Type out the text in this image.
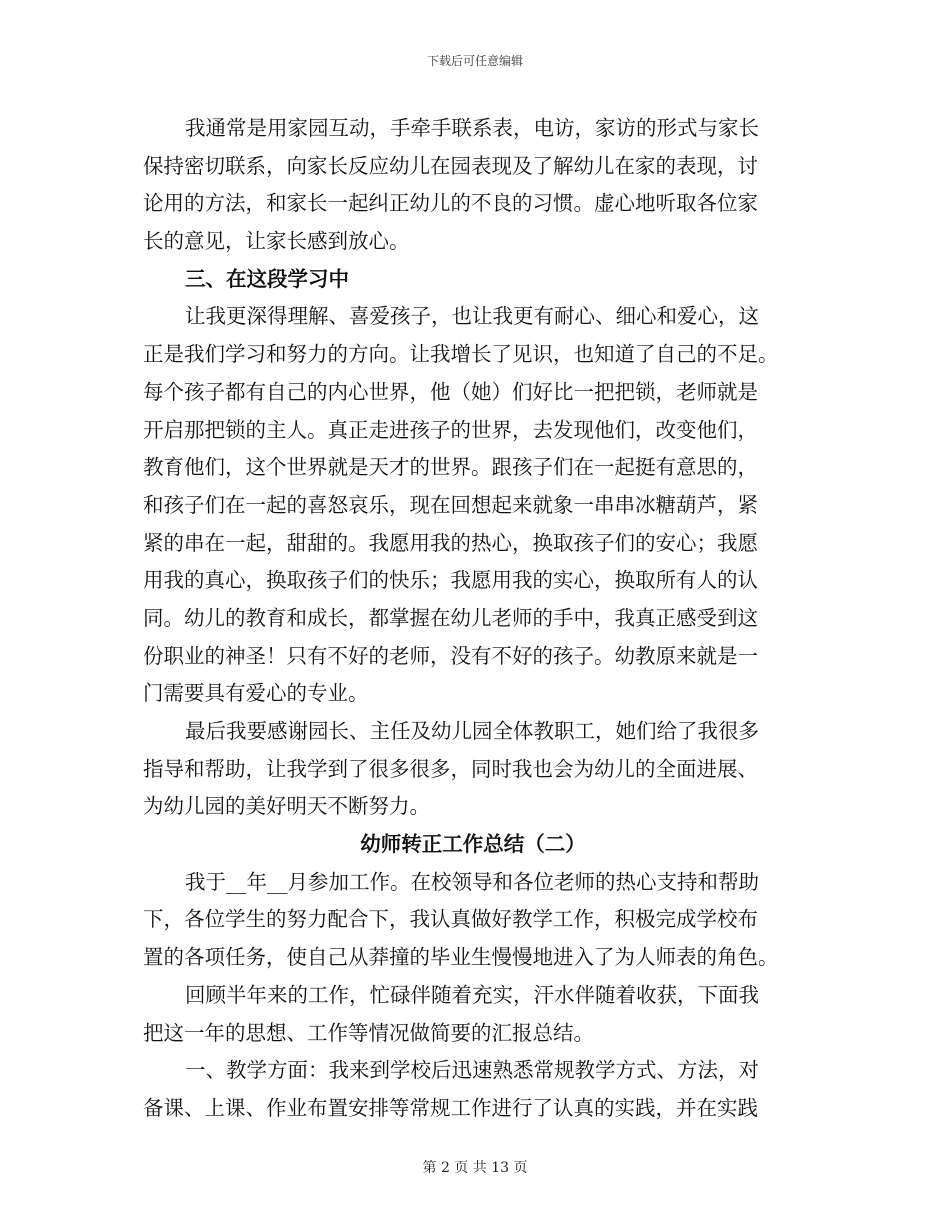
下载后可任意编辑
我通常是用家园互动，手牵手联系表，电访，家访的形式与家长
保持密切联系，向家长反应幼儿在园表现及了解幼儿在家的表现，讨
论用的方法，和家长一起纠正幼儿的不良的习惯。虚心地听取各位家
长的意见，让家长感到放心。
三、在这段学习中
让我更深得理解、喜爱孩子，也让我更有耐心、细心和爱心，这
正是我们学习和努力的方向。让我增长了见识，也知道了自己的不足。
每个孩子都有自己的内心世界，他（她）们好比一把把锁，老师就是
开启那把锁的主人。真正走进孩子的世界，去发现他们，改变他们，
教育他们，这个世界就是天才的世界。跟孩子们在一起挺有意思的，
和孩子们在一起的喜怒哀乐，现在回想起来就象一串串冰糖葫芦，紧
紧的串在一起，甜甜的。我愿用我的热心，换取孩子们的安心；我愿
用我的真心，换取孩子们的快乐；我愿用我的实心，换取所有人的认
同。幼儿的教育和成长，都掌握在幼儿老师的手中，我真正感受到这
份职业的神圣！只有不好的老师，没有不好的孩子。幼教原来就是一
门需要具有爱心的专业。
最后我要感谢园长、主任及幼儿园全体教职工，她们给了我很多
指导和帮助，让我学到了很多很多，同时我也会为幼儿的全面进展、
为幼儿园的美好明天不断努力。
幼师转正工作总结（二）
我于__年__月参加工作。在校领导和各位老师的热心支持和帮助
下，各位学生的努力配合下，我认真做好教学工作，积极完成学校布
置的各项任务，使自己从莽撞的毕业生慢慢地进入了为人师表的角色。
回顾半年来的工作，忙碌伴随着充实，汗水伴随着收获，下面我
把这一年的思想、工作等情况做简要的汇报总结。
一、教学方面：我来到学校后迅速熟悉常规教学方式、方法，对
备课、上课、作业布置安排等常规工作进行了认真的实践，并在实践
第 2 页 共 13 页
